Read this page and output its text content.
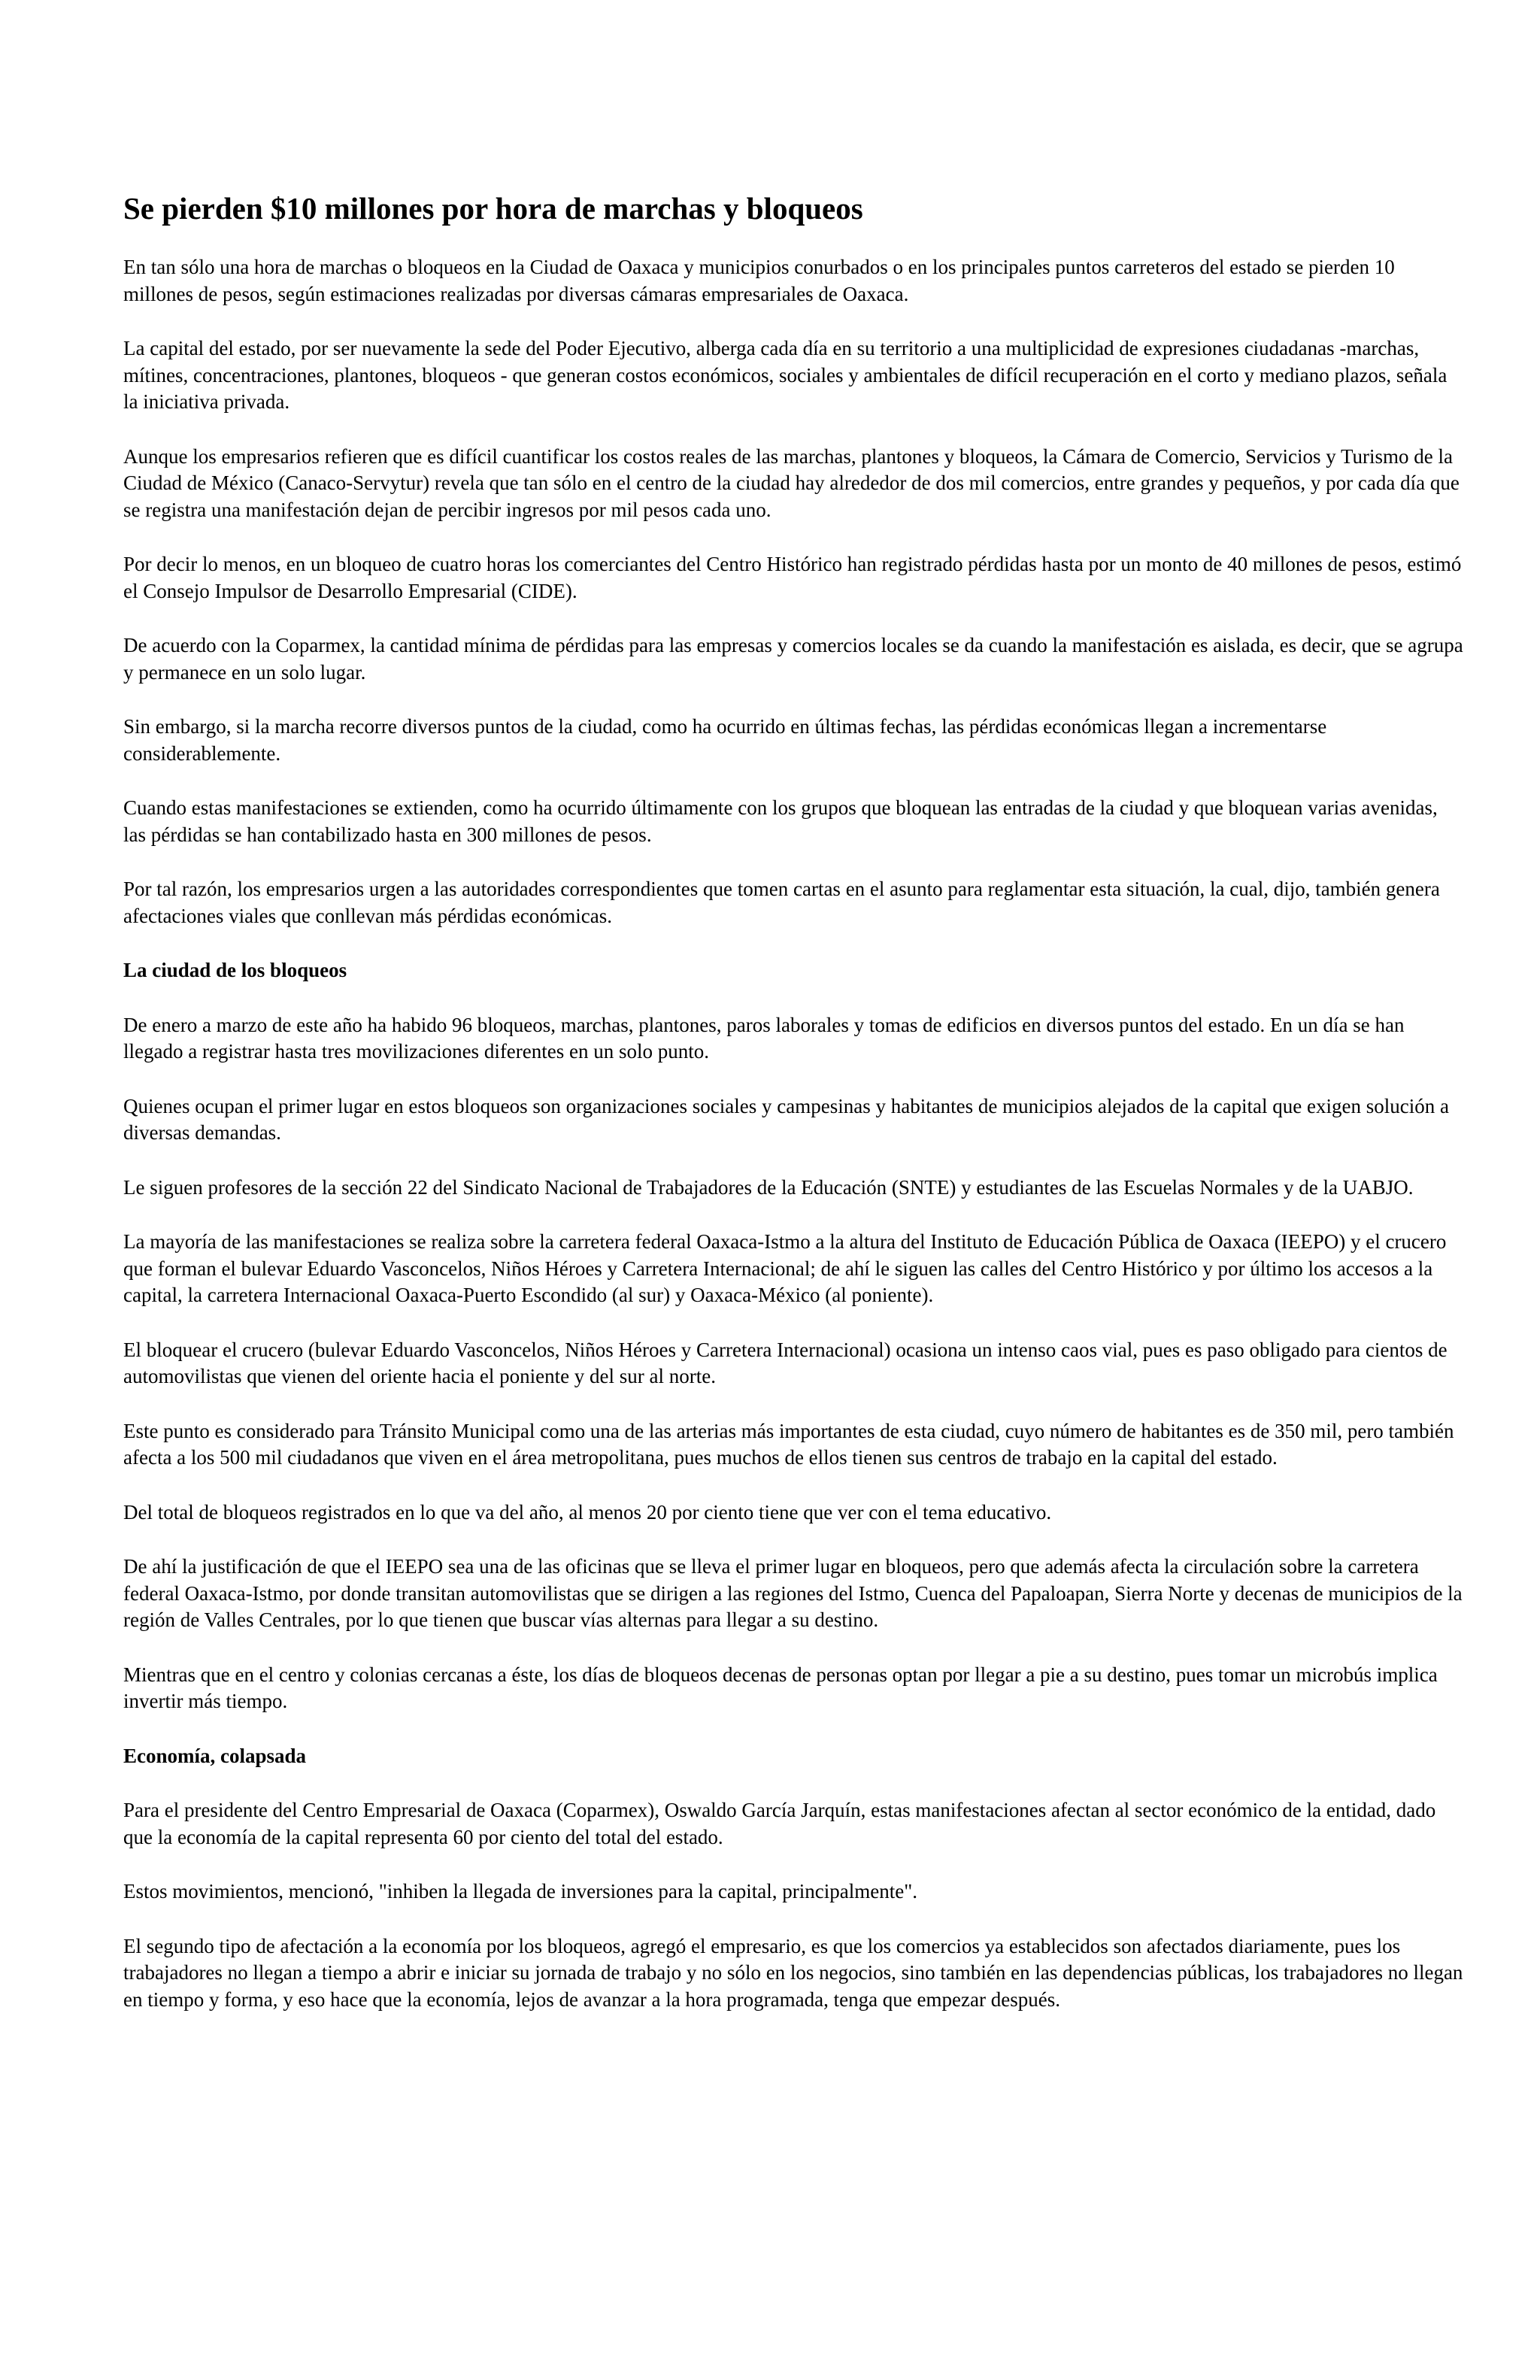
Se pierden $10 millones por hora de marchas y bloqueos

En tan sólo una hora de marchas o bloqueos en la Ciudad de Oaxaca y municipios conurbados o en los principales puntos carreteros del estado se pierden 10 millones de pesos, según estimaciones realizadas por diversas cámaras empresariales de Oaxaca.

La capital del estado, por ser nuevamente la sede del Poder Ejecutivo, alberga cada día en su territorio a una multiplicidad de expresiones ciudadanas -marchas, mítines, concentraciones, plantones, bloqueos - que generan costos económicos, sociales y ambientales de difícil recuperación en el corto y mediano plazos, señala la iniciativa privada.

Aunque los empresarios refieren que es difícil cuantificar los costos reales de las marchas, plantones y bloqueos, la Cámara de Comercio, Servicios y Turismo de la Ciudad de México (Canaco-Servytur) revela que tan sólo en el centro de la ciudad hay alrededor de dos mil comercios, entre grandes y pequeños, y por cada día que se registra una manifestación dejan de percibir ingresos por mil pesos cada uno.

Por decir lo menos, en un bloqueo de cuatro horas los comerciantes del Centro Histórico han registrado pérdidas hasta por un monto de 40 millones de pesos, estimó el Consejo Impulsor de Desarrollo Empresarial (CIDE).

De acuerdo con la Coparmex, la cantidad mínima de pérdidas para las empresas y comercios locales se da cuando la manifestación es aislada, es decir, que se agrupa y permanece en un solo lugar.

Sin embargo, si la marcha recorre diversos puntos de la ciudad, como ha ocurrido en últimas fechas, las pérdidas económicas llegan a incrementarse considerablemente.

Cuando estas manifestaciones se extienden, como ha ocurrido últimamente con los grupos que bloquean las entradas de la ciudad y que bloquean varias avenidas, las pérdidas se han contabilizado hasta en 300 millones de pesos.

Por tal razón, los empresarios urgen a las autoridades correspondientes que tomen cartas en el asunto para reglamentar esta situación, la cual, dijo, también genera afectaciones viales que conllevan más pérdidas económicas.

La ciudad de los bloqueos

De enero a marzo de este año ha habido 96 bloqueos, marchas, plantones, paros laborales y tomas de edificios en diversos puntos del estado. En un día se han llegado a registrar hasta tres movilizaciones diferentes en un solo punto.

Quienes ocupan el primer lugar en estos bloqueos son organizaciones sociales y campesinas y habitantes de municipios alejados de la capital que exigen solución a diversas demandas.

Le siguen profesores de la sección 22 del Sindicato Nacional de Trabajadores de la Educación (SNTE) y estudiantes de las Escuelas Normales y de la UABJO.

La mayoría de las manifestaciones se realiza sobre la carretera federal Oaxaca-Istmo a la altura del Instituto de Educación Pública de Oaxaca (IEEPO) y el crucero que forman el bulevar Eduardo Vasconcelos, Niños Héroes y Carretera Internacional; de ahí le siguen las calles del Centro Histórico y por último los accesos a la capital, la carretera Internacional Oaxaca-Puerto Escondido (al sur) y Oaxaca-México (al poniente).

El bloquear el crucero (bulevar Eduardo Vasconcelos, Niños Héroes y Carretera Internacional) ocasiona un intenso caos vial, pues es paso obligado para cientos de automovilistas que vienen del oriente hacia el poniente y del sur al norte.

Este punto es considerado para Tránsito Municipal como una de las arterias más importantes de esta ciudad, cuyo número de habitantes es de 350 mil, pero también afecta a los 500 mil ciudadanos que viven en el área metropolitana, pues muchos de ellos tienen sus centros de trabajo en la capital del estado.

Del total de bloqueos registrados en lo que va del año, al menos 20 por ciento tiene que ver con el tema educativo.

De ahí la justificación de que el IEEPO sea una de las oficinas que se lleva el primer lugar en bloqueos, pero que además afecta la circulación sobre la carretera federal Oaxaca-Istmo, por donde transitan automovilistas que se dirigen a las regiones del Istmo, Cuenca del Papaloapan, Sierra Norte y decenas de municipios de la región de Valles Centrales, por lo que tienen que buscar vías alternas para llegar a su destino.

Mientras que en el centro y colonias cercanas a éste, los días de bloqueos decenas de personas optan por llegar a pie a su destino, pues tomar un microbús implica invertir más tiempo.

Economía, colapsada

Para el presidente del Centro Empresarial de Oaxaca (Coparmex), Oswaldo García Jarquín, estas manifestaciones afectan al sector económico de la entidad, dado que la economía de la capital representa 60 por ciento del total del estado.

Estos movimientos, mencionó, "inhiben la llegada de inversiones para la capital, principalmente".

El segundo tipo de afectación a la economía por los bloqueos, agregó el empresario, es que los comercios ya establecidos son afectados diariamente, pues los trabajadores no llegan a tiempo a abrir e iniciar su jornada de trabajo y no sólo en los negocios, sino también en las dependencias públicas, los trabajadores no llegan en tiempo y forma, y eso hace que la economía, lejos de avanzar a la hora programada, tenga que empezar después.
